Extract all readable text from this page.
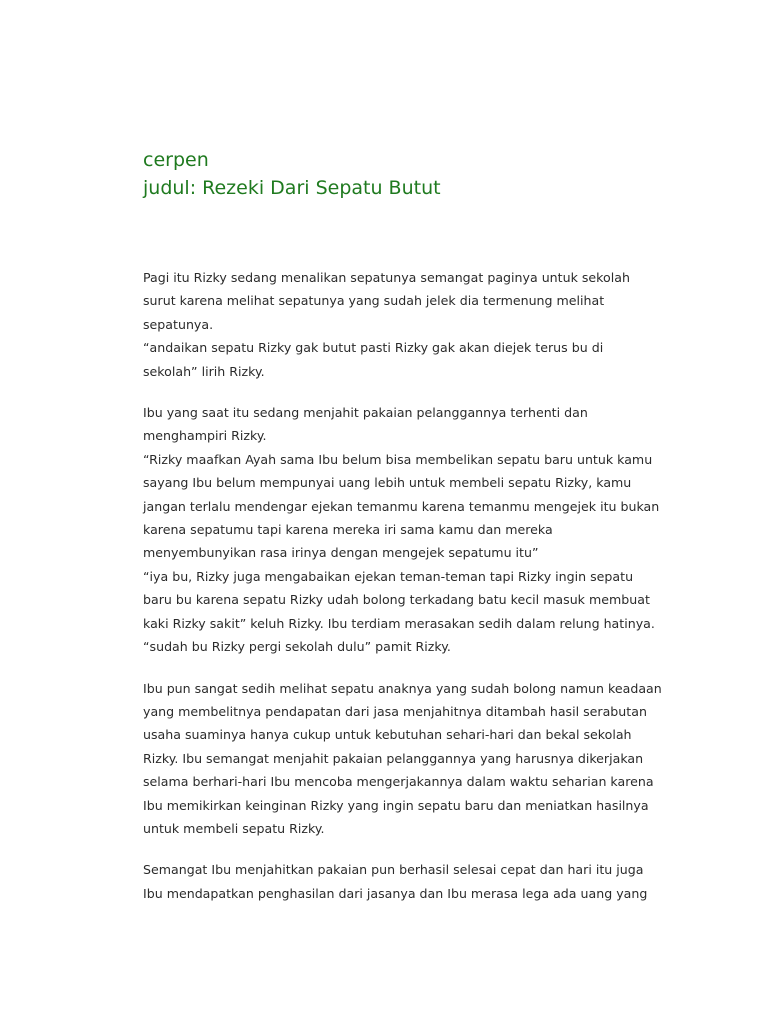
cerpen

judul: Rezeki Dari Sepatu Butut

Pagi itu Rizky sedang menalikan sepatunya semangat paginya untuk sekolah
surut karena melihat sepatunya yang sudah jelek dia termenung melihat
sepatunya.
“andaikan sepatu Rizky gak butut pasti Rizky gak akan diejek terus bu di
sekolah” lirih Rizky.
Ibu yang saat itu sedang menjahit pakaian pelanggannya terhenti dan
menghampiri Rizky.
“Rizky maafkan Ayah sama Ibu belum bisa membelikan sepatu baru untuk kamu
sayang Ibu belum mempunyai uang lebih untuk membeli sepatu Rizky, kamu
jangan terlalu mendengar ejekan temanmu karena temanmu mengejek itu bukan
karena sepatumu tapi karena mereka iri sama kamu dan mereka
menyembunyikan rasa irinya dengan mengejek sepatumu itu”
“iya bu, Rizky juga mengabaikan ejekan teman-teman tapi Rizky ingin sepatu
baru bu karena sepatu Rizky udah bolong terkadang batu kecil masuk membuat
kaki Rizky sakit” keluh Rizky. Ibu terdiam merasakan sedih dalam relung hatinya.
“sudah bu Rizky pergi sekolah dulu” pamit Rizky.
Ibu pun sangat sedih melihat sepatu anaknya yang sudah bolong namun keadaan
yang membelitnya pendapatan dari jasa menjahitnya ditambah hasil serabutan
usaha suaminya hanya cukup untuk kebutuhan sehari-hari dan bekal sekolah
Rizky. Ibu semangat menjahit pakaian pelanggannya yang harusnya dikerjakan
selama berhari-hari Ibu mencoba mengerjakannya dalam waktu seharian karena
Ibu memikirkan keinginan Rizky yang ingin sepatu baru dan meniatkan hasilnya
untuk membeli sepatu Rizky.
Semangat Ibu menjahitkan pakaian pun berhasil selesai cepat dan hari itu juga
Ibu mendapatkan penghasilan dari jasanya dan Ibu merasa lega ada uang yang
